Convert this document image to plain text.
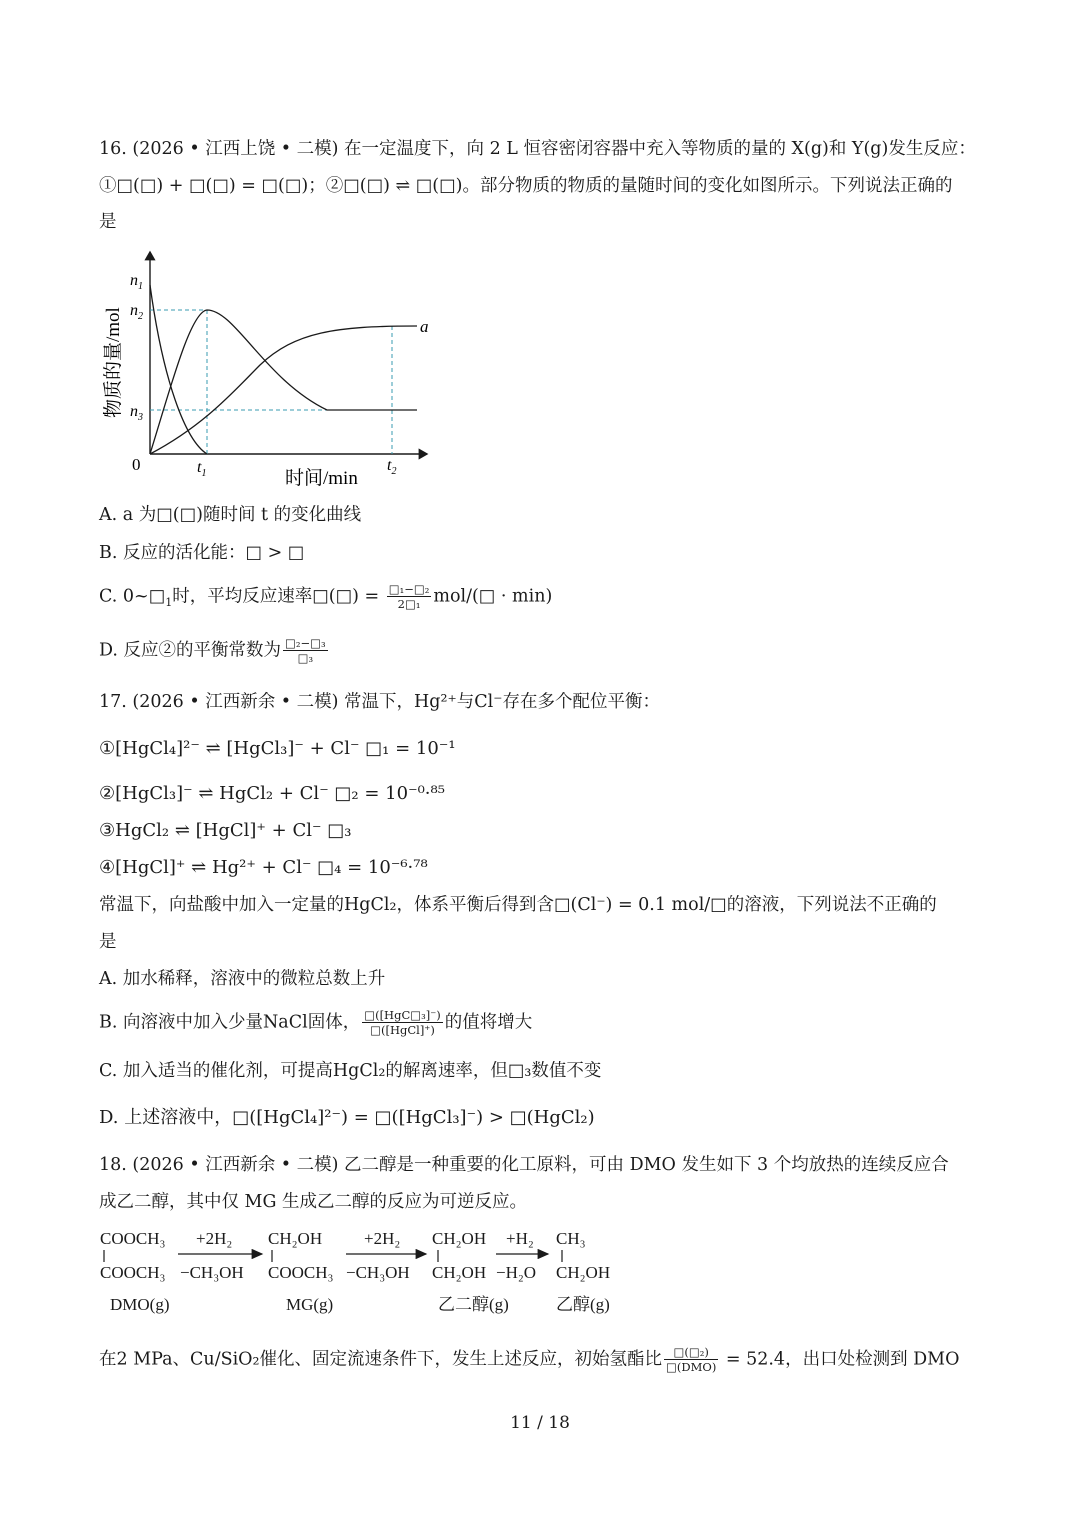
16. (2026 • 江西上饶 • 二模) 在一定温度下，向 2 L 恒容密闭容器中充入等物质的量的 X(g)和 Y(g)发生反应：
①□(□) + □(□) = □(□)；②□(□) ⇌ □(□)。部分物质的物质的量随时间的变化如图所示。下列说法正确的
是
$n_1$
$n_2$
$n_3$
0	$t_1$	$t_2$
a
时间/min
物质的量/mol
A. a 为□(□)随时间 t 的变化曲线
B. 反应的活化能：□ > □
C. $0\sim□_1$时，平均反应速率□(□) = $\frac{\text{□₁−□₂}}{\text{2□₁}}$ mol/(□ · min)
D. 反应②的平衡常数为 $\frac{\text{□₂−□₃}}{\text{□₃}}$
17. (2026 • 江西新余 • 二模) 常温下，Hg²⁺与Cl⁻存在多个配位平衡：
①[HgCl₄]²⁻ ⇌ [HgCl₃]⁻ + Cl⁻ □₁ = 10⁻¹
②[HgCl₃]⁻ ⇌ HgCl₂ + Cl⁻ □₂ = 10⁻⁰·⁸⁵
③HgCl₂ ⇌ [HgCl]⁺ + Cl⁻ □₃
④[HgCl]⁺ ⇌ Hg²⁺ + Cl⁻ □₄ = 10⁻⁶·⁷⁸
常温下，向盐酸中加入一定量的HgCl₂，体系平衡后得到含□(Cl⁻) = 0.1 mol/□的溶液，下列说法不正确的
是
A. 加水稀释，溶液中的微粒总数上升
B. 向溶液中加入少量NaCl固体， $\frac{\text{□([HgC□₃]⁻)}}{\text{□([HgCl]⁺)}}$ 的值将增大
C. 加入适当的催化剂，可提高HgCl₂的解离速率，但□₃数值不变
D. 上述溶液中，□([HgCl₄]²⁻) = □([HgCl₃]⁻) > □(HgCl₂)
18. (2026 • 江西新余 • 二模) 乙二醇是一种重要的化工原料，可由 DMO 发生如下 3 个均放热的连续反应合
成乙二醇，其中仅 MG 生成乙二醇的反应为可逆反应。
COOCH₃
COOCH₃
DMO(g)
+2H₂
−CH₃OH
CH₂OH
COOCH₃
MG(g)
+2H₂
−CH₃OH
CH₂OH
CH₂OH
乙二醇(g)
+H₂
−H₂O
CH₃
CH₂OH
乙醇(g)
在2 MPa、Cu/SiO₂催化、固定流速条件下，发生上述反应，初始氢酯比 $\frac{\text{□(□₂)}}{\text{□(DMO)}} = 52.4$，出口处检测到 DMO
11 / 18
